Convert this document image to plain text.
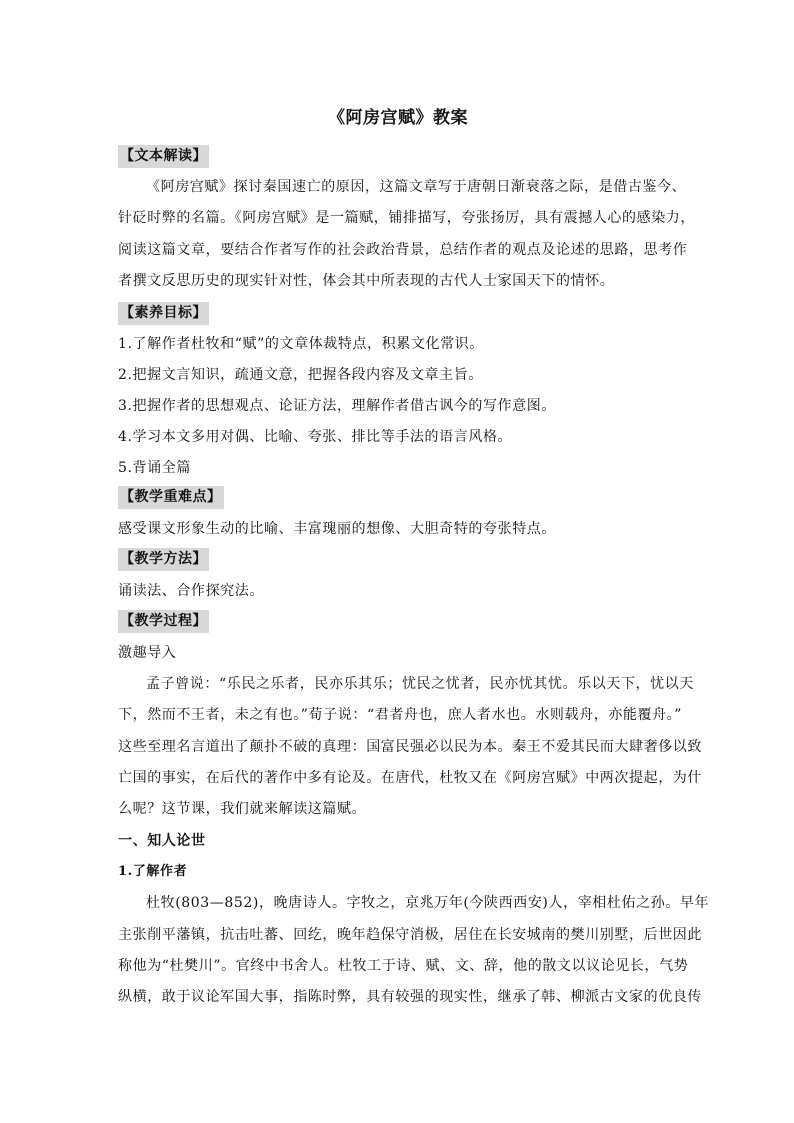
《阿房宫赋》教案
【文本解读】
《阿房宫赋》探讨秦国速亡的原因，这篇文章写于唐朝日渐衰落之际，是借古鉴今、
针砭时弊的名篇。《阿房宫赋》是一篇赋，铺排描写，夸张扬厉，具有震撼人心的感染力，
阅读这篇文章，要结合作者写作的社会政治背景，总结作者的观点及论述的思路，思考作
者撰文反思历史的现实针对性，体会其中所表现的古代人士家国天下的情怀。
【素养目标】
1.了解作者杜牧和“赋”的文章体裁特点，积累文化常识。
2.把握文言知识，疏通文意，把握各段内容及文章主旨。
3.把握作者的思想观点、论证方法，理解作者借古讽今的写作意图。
4.学习本文多用对偶、比喻、夸张、排比等手法的语言风格。
5.背诵全篇
【教学重难点】
感受课文形象生动的比喻、丰富瑰丽的想像、大胆奇特的夸张特点。
【教学方法】
诵读法、合作探究法。
【教学过程】
激趣导入
孟子曾说：“乐民之乐者，民亦乐其乐；忧民之忧者，民亦忧其忧。乐以天下，忧以天
下，然而不王者，未之有也。”荀子说：“君者舟也，庶人者水也。水则载舟，亦能覆舟。”
这些至理名言道出了颠扑不破的真理：国富民强必以民为本。秦王不爱其民而大肆奢侈以致
亡国的事实，在后代的著作中多有论及。在唐代，杜牧又在《阿房宫赋》中两次提起，为什
么呢？这节课，我们就来解读这篇赋。
一、知人论世
1.了解作者
杜牧(803—852)，晚唐诗人。字牧之，京兆万年(今陕西西安)人，宰相杜佑之孙。早年
主张削平藩镇，抗击吐蕃、回纥，晚年趋保守消极，居住在长安城南的樊川别墅，后世因此
称他为“杜樊川”。官终中书舍人。杜牧工于诗、赋、文、辞，他的散文以议论见长，气势
纵横，敢于议论军国大事，指陈时弊，具有较强的现实性，继承了韩、柳派古文家的优良传
